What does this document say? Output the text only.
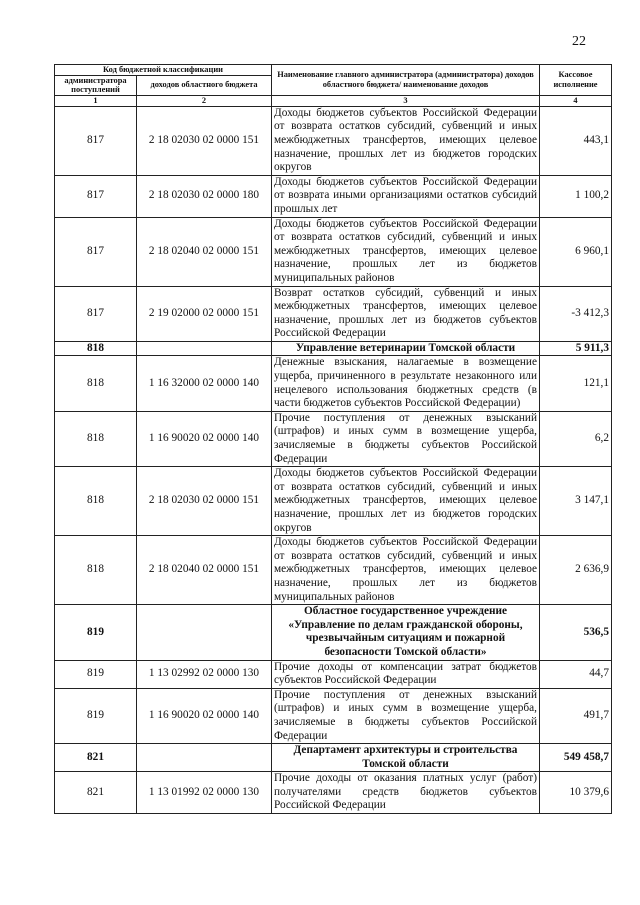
22
Код бюджетной классификации		Наименование главного администратора (администратора) доходов областного бюджета/ наименование доходов	Кассовое исполнение
администратора поступлений	доходов областного бюджета		
1	2	3	4
817	2 18 02030 02 0000 151	Доходы бюджетов субъектов Российской Федерации от возврата остатков субсидий, субвенций и иных межбюджетных трансфертов, имеющих целевое назначение, прошлых лет из бюджетов городских округов	443,1
817	2 18 02030 02 0000 180	Доходы бюджетов субъектов Российской Федерации от возврата иными организациями остатков субсидий прошлых лет	1 100,2
817	2 18 02040 02 0000 151	Доходы бюджетов субъектов Российской Федерации от возврата остатков субсидий, субвенций и иных межбюджетных трансфертов, имеющих целевое назначение, прошлых лет из бюджетов муниципальных районов	6 960,1
817	2 19 02000 02 0000 151	Возврат остатков субсидий, субвенций и иных межбюджетных трансфертов, имеющих целевое назначение, прошлых лет из бюджетов субъектов Российской Федерации	-3 412,3
818		Управление ветеринарии Томской области	5 911,3
818	1 16 32000 02 0000 140	Денежные взыскания, налагаемые в возмещение ущерба, причиненного в результате незаконного или нецелевого использования бюджетных средств (в части бюджетов субъектов Российской Федерации)	121,1
818	1 16 90020 02 0000 140	Прочие поступления от денежных взысканий (штрафов) и иных сумм в возмещение ущерба, зачисляемые в бюджеты субъектов Российской Федерации	6,2
818	2 18 02030 02 0000 151	Доходы бюджетов субъектов Российской Федерации от возврата остатков субсидий, субвенций и иных межбюджетных трансфертов, имеющих целевое назначение, прошлых лет из бюджетов городских округов	3 147,1
818	2 18 02040 02 0000 151	Доходы бюджетов субъектов Российской Федерации от возврата остатков субсидий, субвенций и иных межбюджетных трансфертов, имеющих целевое назначение, прошлых лет из бюджетов муниципальных районов	2 636,9
819		Областное государственное учреждение «Управление по делам гражданской обороны, чрезвычайным ситуациям и пожарной безопасности Томской области»	536,5
819	1 13 02992 02 0000 130	Прочие доходы от компенсации затрат бюджетов субъектов Российской Федерации	44,7
819	1 16 90020 02 0000 140	Прочие поступления от денежных взысканий (штрафов) и иных сумм в возмещение ущерба, зачисляемые в бюджеты субъектов Российской Федерации	491,7
821		Департамент архитектуры и строительства Томской области	549 458,7
821	1 13 01992 02 0000 130	Прочие доходы от оказания платных услуг (работ) получателями средств бюджетов субъектов Российской Федерации	10 379,6
